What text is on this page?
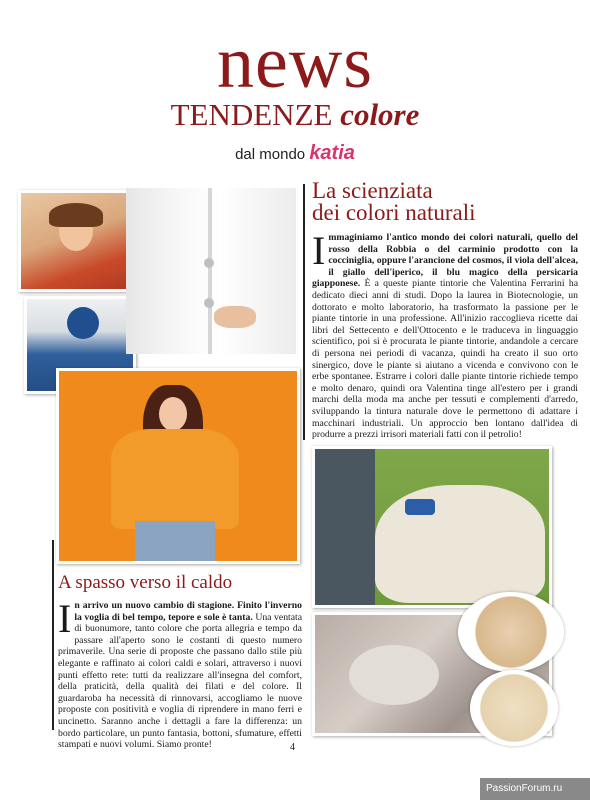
news
TENDENZE colore
dal mondo katia
La scienziata
dei colori naturali
Immaginiamo l'antico mondo dei colori naturali, quello del rosso della Robbia o del carminio prodotto con la cocciniglia, oppure l'arancione del cosmos, il viola dell'alcea, il giallo dell'iperico, il blu magico della persicaria giapponese. È a queste piante tintorie che Valentina Ferrarini ha dedicato dieci anni di studi. Dopo la laurea in Biotecnologie, un dottorato e molto laboratorio, ha trasformato la passione per le piante tintorie in una professione. All'inizio raccoglieva ricette dai libri del Settecento e dell'Ottocento e le traduceva in linguaggio scientifico, poi si è procurata le piante tintorie, andandole a cercare di persona nei periodi di vacanza, quindi ha creato il suo orto sinergico, dove le piante si aiutano a vicenda e convivono con le erbe spontanee. Estrarre i colori dalle piante tintorie richiede tempo e molto denaro, quindi ora Valentina tinge all'estero per i grandi marchi della moda ma anche per tessuti e complementi d'arredo, sviluppando la tintura naturale dove le permettono di adattare i macchinari industriali. Un approccio ben lontano dall'idea di produrre a prezzi irrisori materiali fatti con il petrolio!
A spasso verso il caldo
In arrivo un nuovo cambio di stagione. Finito l'inverno la voglia di bel tempo, tepore e sole è tanta. Una ventata di buonumore, tanto colore che porta allegria e tempo da passare all'aperto sono le costanti di questo numero primaverile. Una serie di proposte che passano dallo stile più elegante e raffinato ai colori caldi e solari, attraverso i nuovi punti effetto rete: tutti da realizzare all'insegna del comfort, della praticità, della qualità dei filati e del colore. Il guardaroba ha necessità di rinnovarsi, accogliamo le nuove proposte con positività e voglia di riprendere in mano ferri e uncinetto. Saranno anche i dettagli a fare la differenza: un bordo particolare, un punto fantasia, bottoni, sfumature, effetti stampati e nuovi volumi. Siamo pronte!	4
PassionForum.ru
